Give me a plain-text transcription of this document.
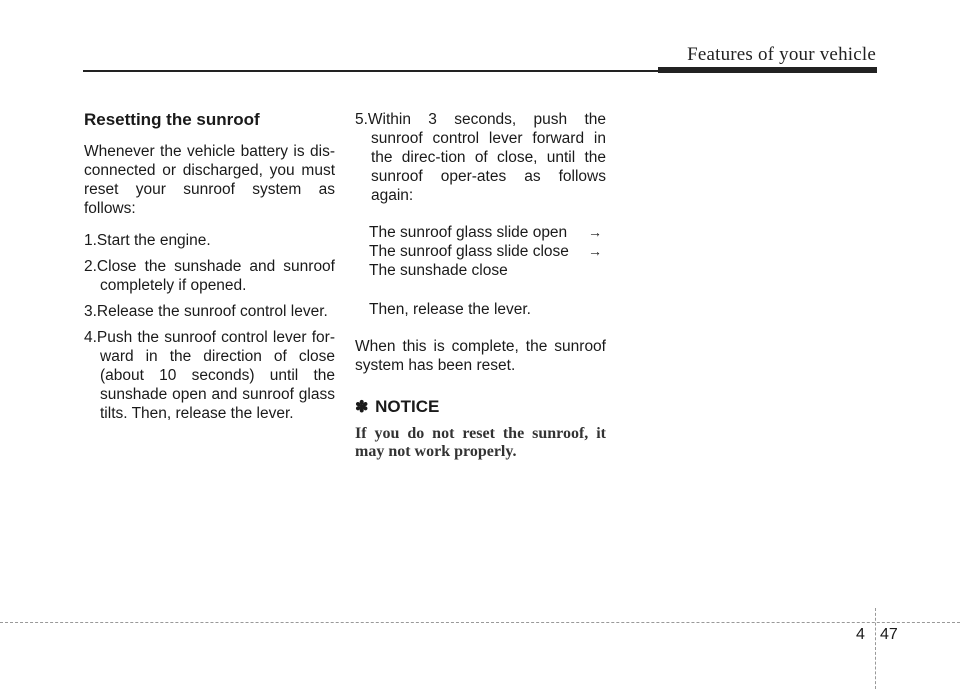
Features of your vehicle
Resetting the sunroof

Whenever the vehicle battery is dis-connected or discharged, you must reset your sunroof system as follows:

1.Start the engine.

2.Close the sunshade and sunroof completely if opened.

3.Release the sunroof control lever.

4.Push the sunroof control lever for-ward in the direction of close (about 10 seconds) until the sunshade open and sunroof glass tilts. Then, release the lever.

5.Within 3 seconds, push the sunroof control lever forward in the direc-tion of close, until the sunroof oper-ates as follows again:

The sunroof glass slide open →
The sunroof glass slide close →
The sunshade close

Then, release the lever.

When this is complete, the sunroof system has been reset.

✽ NOTICE

If you do not reset the sunroof, it may not work properly.

4 47
